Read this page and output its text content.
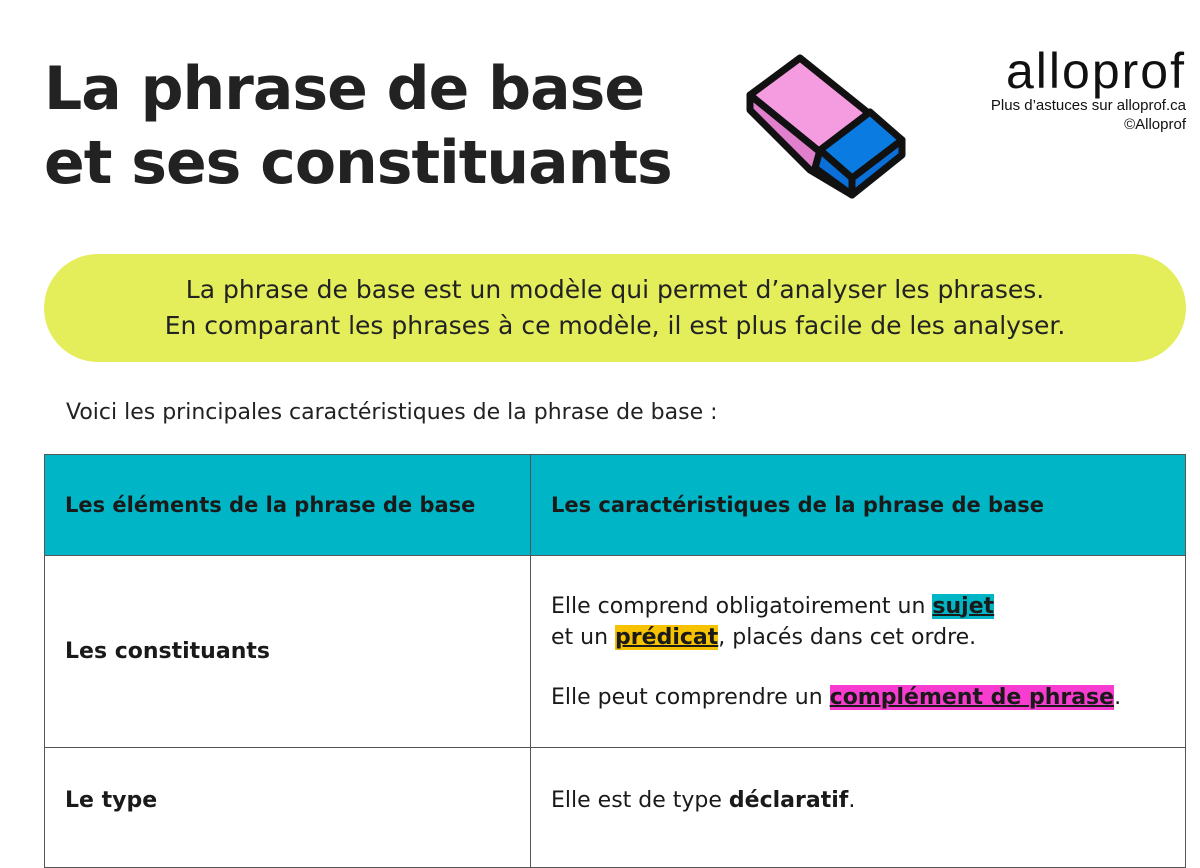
La phrase de base
et ses constituants
alloprof
Plus d’astuces sur alloprof.ca
©Alloprof
La phrase de base est un modèle qui permet d’analyser les phrases.
En comparant les phrases à ce modèle, il est plus facile de les analyser.
Voici les principales caractéristiques de la phrase de base :
Les éléments de la phrase de base	Les caractéristiques de la phrase de base
Les constituants	Elle comprend obligatoirement un sujet
et un prédicat, placés dans cet ordre.

Elle peut comprendre un complément de phrase.

Le type	Elle est de type déclaratif.
